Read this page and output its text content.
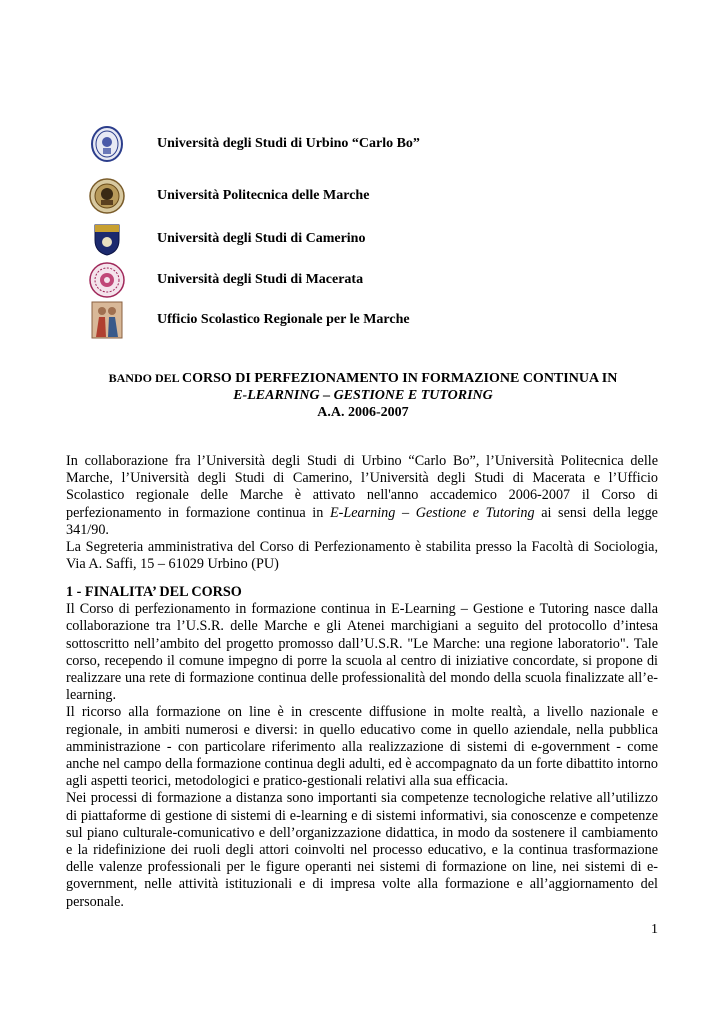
Università degli Studi di Urbino “Carlo Bo”
Università Politecnica delle Marche
Università degli Studi di Camerino
Università degli Studi di Macerata
Ufficio Scolastico Regionale per le Marche
BANDO DEL CORSO DI PERFEZIONAMENTO IN FORMAZIONE CONTINUA IN
E-LEARNING – GESTIONE E TUTORING
A.A. 2006-2007

In collaborazione fra l’Università degli Studi di Urbino “Carlo Bo”, l’Università Politecnica delle Marche, l’Università degli Studi di Camerino, l’Università degli Studi di Macerata e l’Ufficio Scolastico regionale delle Marche è attivato nell'anno accademico 2006-2007 il Corso di perfezionamento in formazione continua in E-Learning – Gestione e Tutoring ai sensi della legge 341/90.

La Segreteria amministrativa del Corso di Perfezionamento è stabilita presso la Facoltà di Sociologia, Via A. Saffi, 15 – 61029 Urbino (PU)

1 - FINALITA’ DEL CORSO

Il Corso di perfezionamento in formazione continua in E-Learning – Gestione e Tutoring nasce dalla collaborazione tra l’U.S.R. delle Marche e gli Atenei marchigiani a seguito del protocollo d’intesa sottoscritto nell’ambito del progetto promosso dall’U.S.R. "Le Marche: una regione laboratorio". Tale corso, recependo il comune impegno di porre la scuola al centro di iniziative concordate, si propone di realizzare una rete di formazione continua delle professionalità del mondo della scuola finalizzate all’e-learning.

Il ricorso alla formazione on line è in crescente diffusione in molte realtà, a livello nazionale e regionale, in ambiti numerosi e diversi: in quello educativo come in quello aziendale, nella pubblica amministrazione - con particolare riferimento alla realizzazione di sistemi di e-government - come anche nel campo della formazione continua degli adulti, ed è accompagnato da un forte dibattito intorno agli aspetti teorici, metodologici e pratico-gestionali relativi alla sua efficacia.

Nei processi di formazione a distanza sono importanti sia competenze tecnologiche relative all’utilizzo di piattaforme di gestione di sistemi di e-learning e di sistemi informativi, sia conoscenze e competenze sul piano culturale-comunicativo e dell’organizzazione didattica, in modo da sostenere il cambiamento e la ridefinizione dei ruoli degli attori coinvolti nel processo educativo, e la continua trasformazione delle valenze professionali per le figure operanti nei sistemi di formazione on line, nei sistemi di e-government, nelle attività istituzionali e di impresa volte alla formazione e all’aggiornamento del personale.

1
